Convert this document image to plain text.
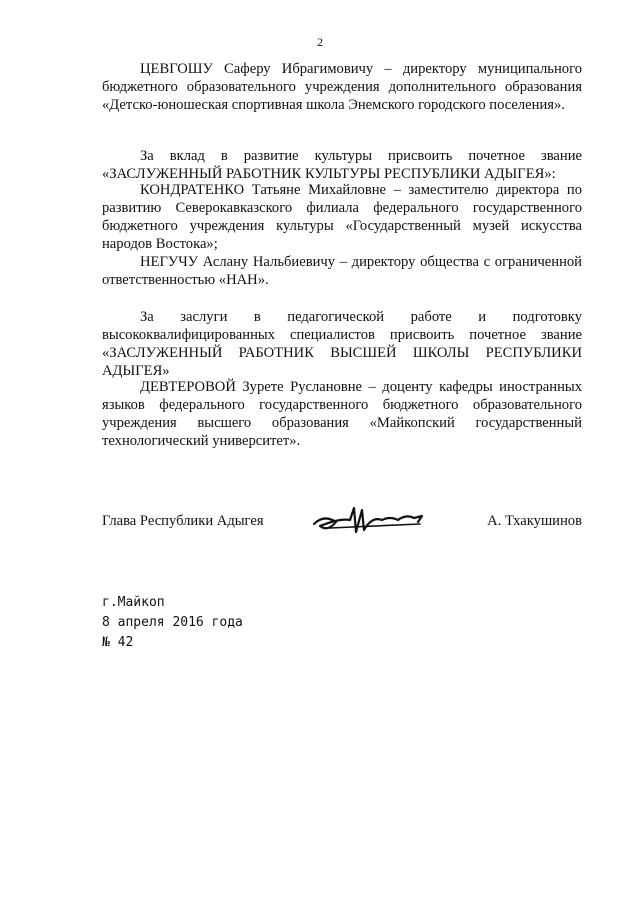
2
ЦЕВГОШУ Саферу Ибрагимовичу – директору муниципального бюджетного образовательного учреждения дополнительного образования «Детско-юношеская спортивная школа Энемского городского поселения».
За вклад в развитие культуры присвоить почетное звание «ЗАСЛУЖЕННЫЙ РАБОТНИК КУЛЬТУРЫ РЕСПУБЛИКИ АДЫГЕЯ»:
КОНДРАТЕНКО Татьяне Михайловне – заместителю директора по развитию Северокавказского филиала федерального государственного бюджетного учреждения культуры «Государственный музей искусства народов Востока»;
НЕГУЧУ Аслану Нальбиевичу – директору общества с ограниченной ответственностью «НАН».
За заслуги в педагогической работе и подготовку высококвалифицированных специалистов присвоить почетное звание «ЗАСЛУЖЕННЫЙ РАБОТНИК ВЫСШЕЙ ШКОЛЫ РЕСПУБЛИКИ АДЫГЕЯ»
ДЕВТЕРОВОЙ Зурете Руслановне – доценту кафедры иностранных языков федерального государственного бюджетного образовательного учреждения высшего образования «Майкопский государственный технологический университет».
Глава Республики Адыгея	А. Тхакушинов
г.Майкоп
8 апреля 2016 года
№ 42
